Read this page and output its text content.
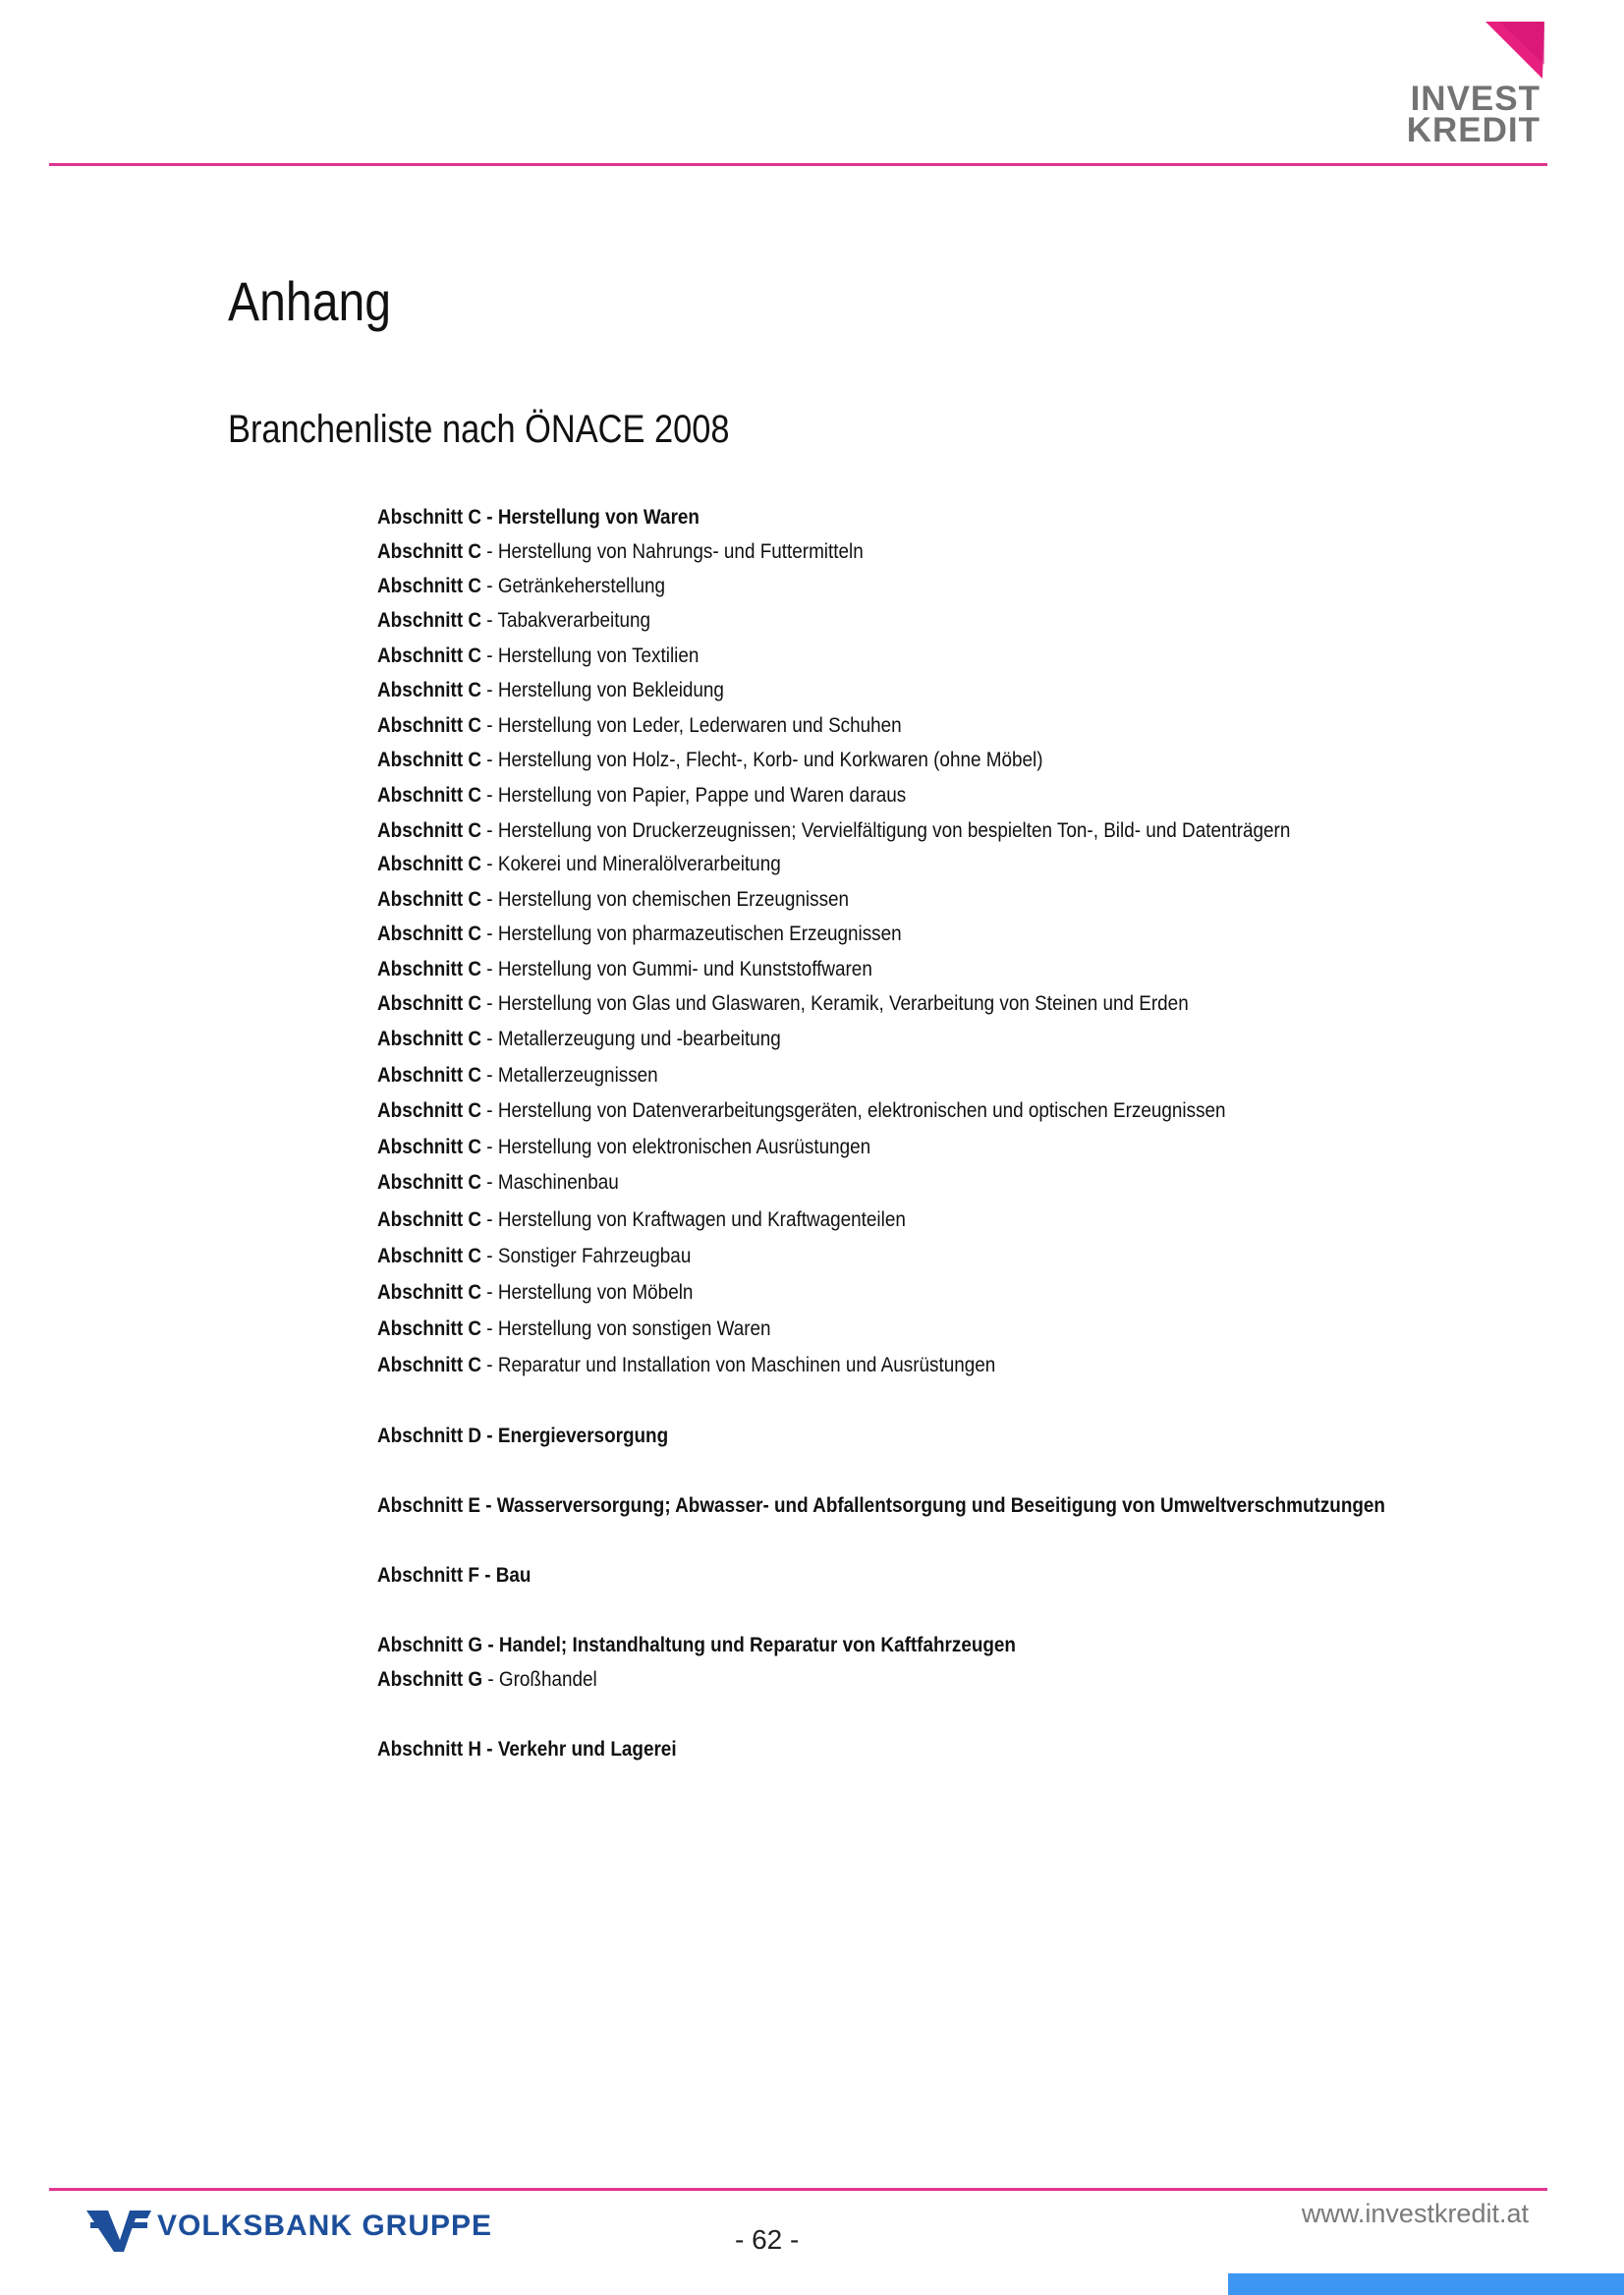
INVEST
KREDIT
Anhang
Branchenliste nach ÖNACE 2008
Abschnitt C - Herstellung von Waren
Abschnitt C - Herstellung von Nahrungs- und Futtermitteln
Abschnitt C - Getränkeherstellung
Abschnitt C - Tabakverarbeitung
Abschnitt C - Herstellung von Textilien
Abschnitt C - Herstellung von Bekleidung
Abschnitt C - Herstellung von Leder, Lederwaren und Schuhen
Abschnitt C - Herstellung von Holz-, Flecht-, Korb- und Korkwaren (ohne Möbel)
Abschnitt C - Herstellung von Papier, Pappe und Waren daraus
Abschnitt C - Herstellung von Druckerzeugnissen; Vervielfältigung von bespielten Ton-, Bild- und Datenträgern
Abschnitt C - Kokerei und Mineralölverarbeitung
Abschnitt C - Herstellung von chemischen Erzeugnissen
Abschnitt C - Herstellung von pharmazeutischen Erzeugnissen
Abschnitt C - Herstellung von Gummi- und Kunststoffwaren
Abschnitt C - Herstellung von Glas und Glaswaren, Keramik, Verarbeitung von Steinen und Erden
Abschnitt C - Metallerzeugung und -bearbeitung
Abschnitt C - Metallerzeugnissen
Abschnitt C - Herstellung von Datenverarbeitungsgeräten, elektronischen und optischen Erzeugnissen
Abschnitt C - Herstellung von elektronischen Ausrüstungen
Abschnitt C - Maschinenbau
Abschnitt C - Herstellung von Kraftwagen und Kraftwagenteilen
Abschnitt C - Sonstiger Fahrzeugbau
Abschnitt C - Herstellung von Möbeln
Abschnitt C - Herstellung von sonstigen Waren
Abschnitt C - Reparatur und Installation von Maschinen und Ausrüstungen
Abschnitt D - Energieversorgung
Abschnitt E - Wasserversorgung; Abwasser- und Abfallentsorgung und Beseitigung von Umweltverschmutzungen
Abschnitt F - Bau
Abschnitt G - Handel; Instandhaltung und Reparatur von Kaftfahrzeugen
Abschnitt G - Großhandel
Abschnitt H - Verkehr und Lagerei
VOLKSBANK GRUPPE	- 62 -
www.investkredit.at
